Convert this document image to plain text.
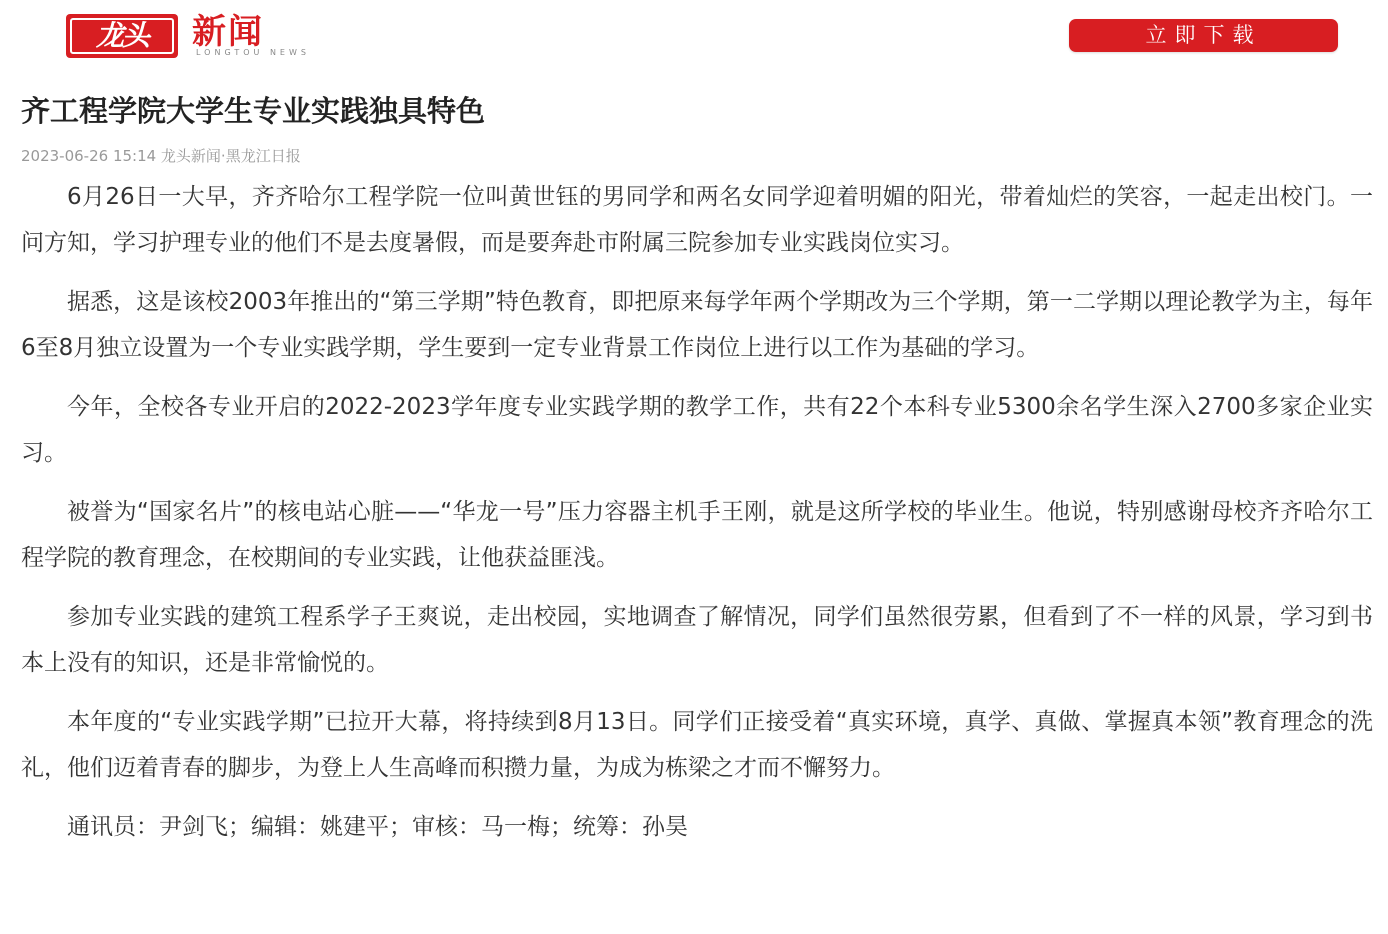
龙头	新闻
LONGTOU NEWS
立即下载
齐工程学院大学生专业实践独具特色
2023-06-26 15:14 龙头新闻·黑龙江日报

6月26日一大早，齐齐哈尔工程学院一位叫黄世钰的男同学和两名女同学迎着明媚的阳光，带着灿烂的笑容，一起走出校门。一问方知，学习护理专业的他们不是去度暑假，而是要奔赴市附属三院参加专业实践岗位实习。

据悉，这是该校2003年推出的“第三学期”特色教育，即把原来每学年两个学期改为三个学期，第一二学期以理论教学为主，每年6至8月独立设置为一个专业实践学期，学生要到一定专业背景工作岗位上进行以工作为基础的学习。

今年，全校各专业开启的2022-2023学年度专业实践学期的教学工作，共有22个本科专业5300余名学生深入2700多家企业实习。

被誉为“国家名片”的核电站心脏——“华龙一号”压力容器主机手王刚，就是这所学校的毕业生。他说，特别感谢母校齐齐哈尔工程学院的教育理念，在校期间的专业实践，让他获益匪浅。

参加专业实践的建筑工程系学子王爽说，走出校园，实地调查了解情况，同学们虽然很劳累，但看到了不一样的风景，学习到书本上没有的知识，还是非常愉悦的。

本年度的“专业实践学期”已拉开大幕，将持续到8月13日。同学们正接受着“真实环境，真学、真做、掌握真本领”教育理念的洗礼，他们迈着青春的脚步，为登上人生高峰而积攒力量，为成为栋梁之才而不懈努力。

通讯员：尹剑飞；编辑：姚建平；审核：马一梅；统筹：孙昊
